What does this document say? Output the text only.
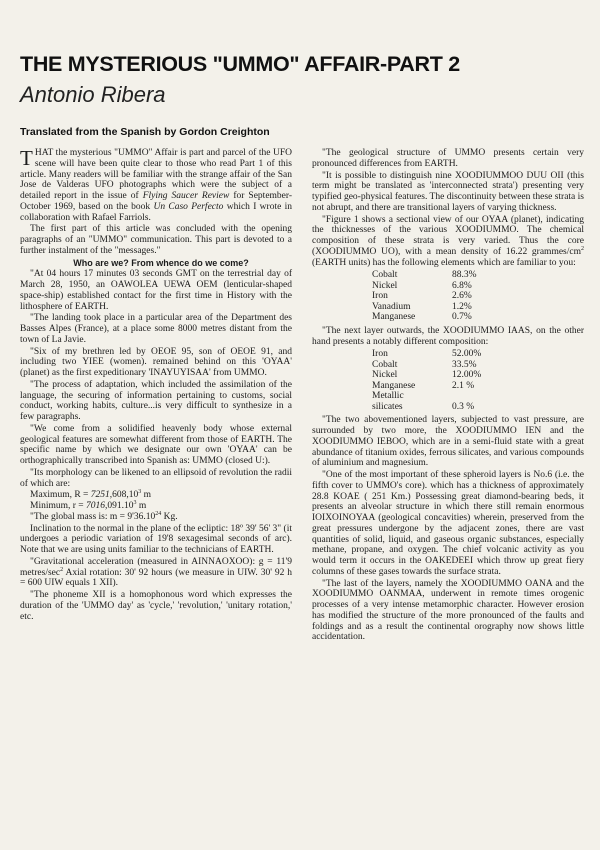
THE MYSTERIOUS "UMMO" AFFAIR-PART 2
Antonio Ribera
Translated from the Spanish by Gordon Creighton

THAT the mysterious "UMMO" Affair is part and parcel of the UFO scene will have been quite clear to those who read Part 1 of this article. Many readers will be familiar with the strange affair of the San Jose de Valderas UFO photographs which were the subject of a detailed report in the issue of Flying Saucer Review for September-October 1969, based on the book Un Caso Perfecto which I wrote in collaboration with Rafael Farriols.

The first part of this article was concluded with the opening paragraphs of an "UMMO" communication. This part is devoted to a further instalment of the "messages."

Who are we? From whence do we come?

"At 04 hours 17 minutes 03 seconds GMT on the terrestrial day of March 28, 1950, an OAWOLEA UEWA OEM (lenticular-shaped space-ship) established contact for the first time in History with the lithosphere of EARTH.

"The landing took place in a particular area of the Department des Basses Alpes (France), at a place some 8000 metres distant from the town of La Javie.

"Six of my brethren led by OEOE 95, son of OEOE 91, and including two YIEE (women). remained behind on this 'OYAA' (planet) as the first expeditionary 'INAYUYISAA' from UMMO.

"The process of adaptation, which included the assimilation of the language, the securing of information pertaining to customs, social conduct, working habits, culture...is very difficult to synthesize in a few paragraphs.

"We come from a solidified heavenly body whose external geological features are somewhat different from those of EARTH. The specific name by which we designate our own 'OYAA' can be orthographically transcribed into Spanish as: UMMO (closed U:).

"Its morphology can be likened to an ellipsoid of revolution the radii of which are:

Maximum, $R = 7251,608,10^3$ m
Minimum, $r = 7016,091.10^3$ m

"The global mass is: $m = 9'36.10^{24}$ Kg.

Inclination to the normal in the plane of the ecliptic: 18º 39' 56' 3" (it undergoes a periodic variation of 19'8 sexagesimal seconds of arc). Note that we are using units familiar to the technicians of EARTH.

"Gravitational acceleration (measured in AINNAOXOO): g = 11'9 metres/$\sec^2$ Axial rotation: 30' 92 hours (we measure in UIW. 30' 92 h = 600 UIW equals 1 XII).

"The phoneme XII is a homophonous word which expresses the duration of the 'UMMO day' as 'cycle,' 'revolution,' 'unitary rotation,' etc.

"The geological structure of UMMO presents certain very pronounced differences from EARTH.

"It is possible to distinguish nine XOODIUMMOO DUU OII (this term might be translated as 'interconnected strata') presenting very typified geo-physical features. The discontinuity between these strata is not abrupt, and there are transitional layers of varying thickness.

"Figure 1 shows a sectional view of our OYAA (planet), indicating the thicknesses of the various XOODIUMMO. The chemical composition of these strata is very varied. Thus the core (XOODIUMMO UO), with a mean density of 16.22 grammes/$cm^2$ (EARTH units) has the following elements which are familiar to you:

Cobalt	88.3%
Nickel	6.8%
Iron	2.6%
Vanadium	1.2%
Manganese	0.7%

"The next layer outwards, the XOODIUMMO IAAS, on the other hand presents a notably different composition:

Iron	52.00%
Cobalt	33.5%
Nickel	12.00%
Manganese	2.1 %
Metallic	
silicates	0.3 %

"The two abovementioned layers, subjected to vast pressure, are surrounded by two more, the XOODIUMMO IEN and the XOODIUMMO IEBOO, which are in a semi-fluid state with a great abundance of titanium oxides, ferrous silicates, and various compounds of aluminium and magnesium.

"One of the most important of these spheroid layers is No.6 (i.e. the fifth cover to UMMO's core). which has a thickness of approximately 28.8 KOAE ( 251 Km.) Possessing great diamond-bearing beds, it presents an alveolar structure in which there still remain enormous IOIXOINOYAA (geological concavities) wherein, preserved from the great pressures undergone by the adjacent zones, there are vast quantities of solid, liquid, and gaseous organic substances, especially methane, propane, and oxygen. The chief volcanic activity as you would term it occurs in the OAKEDEEI which throw up great fiery columns of these gases towards the surface strata.

"The last of the layers, namely the XOODIUMMO OANA and the XOODIUMMO OANMAA, underwent in remote times orogenic processes of a very intense metamorphic character. However erosion has modified the structure of the more pronounced of the faults and foldings and as a result the continental orography now shows little accidentation.
